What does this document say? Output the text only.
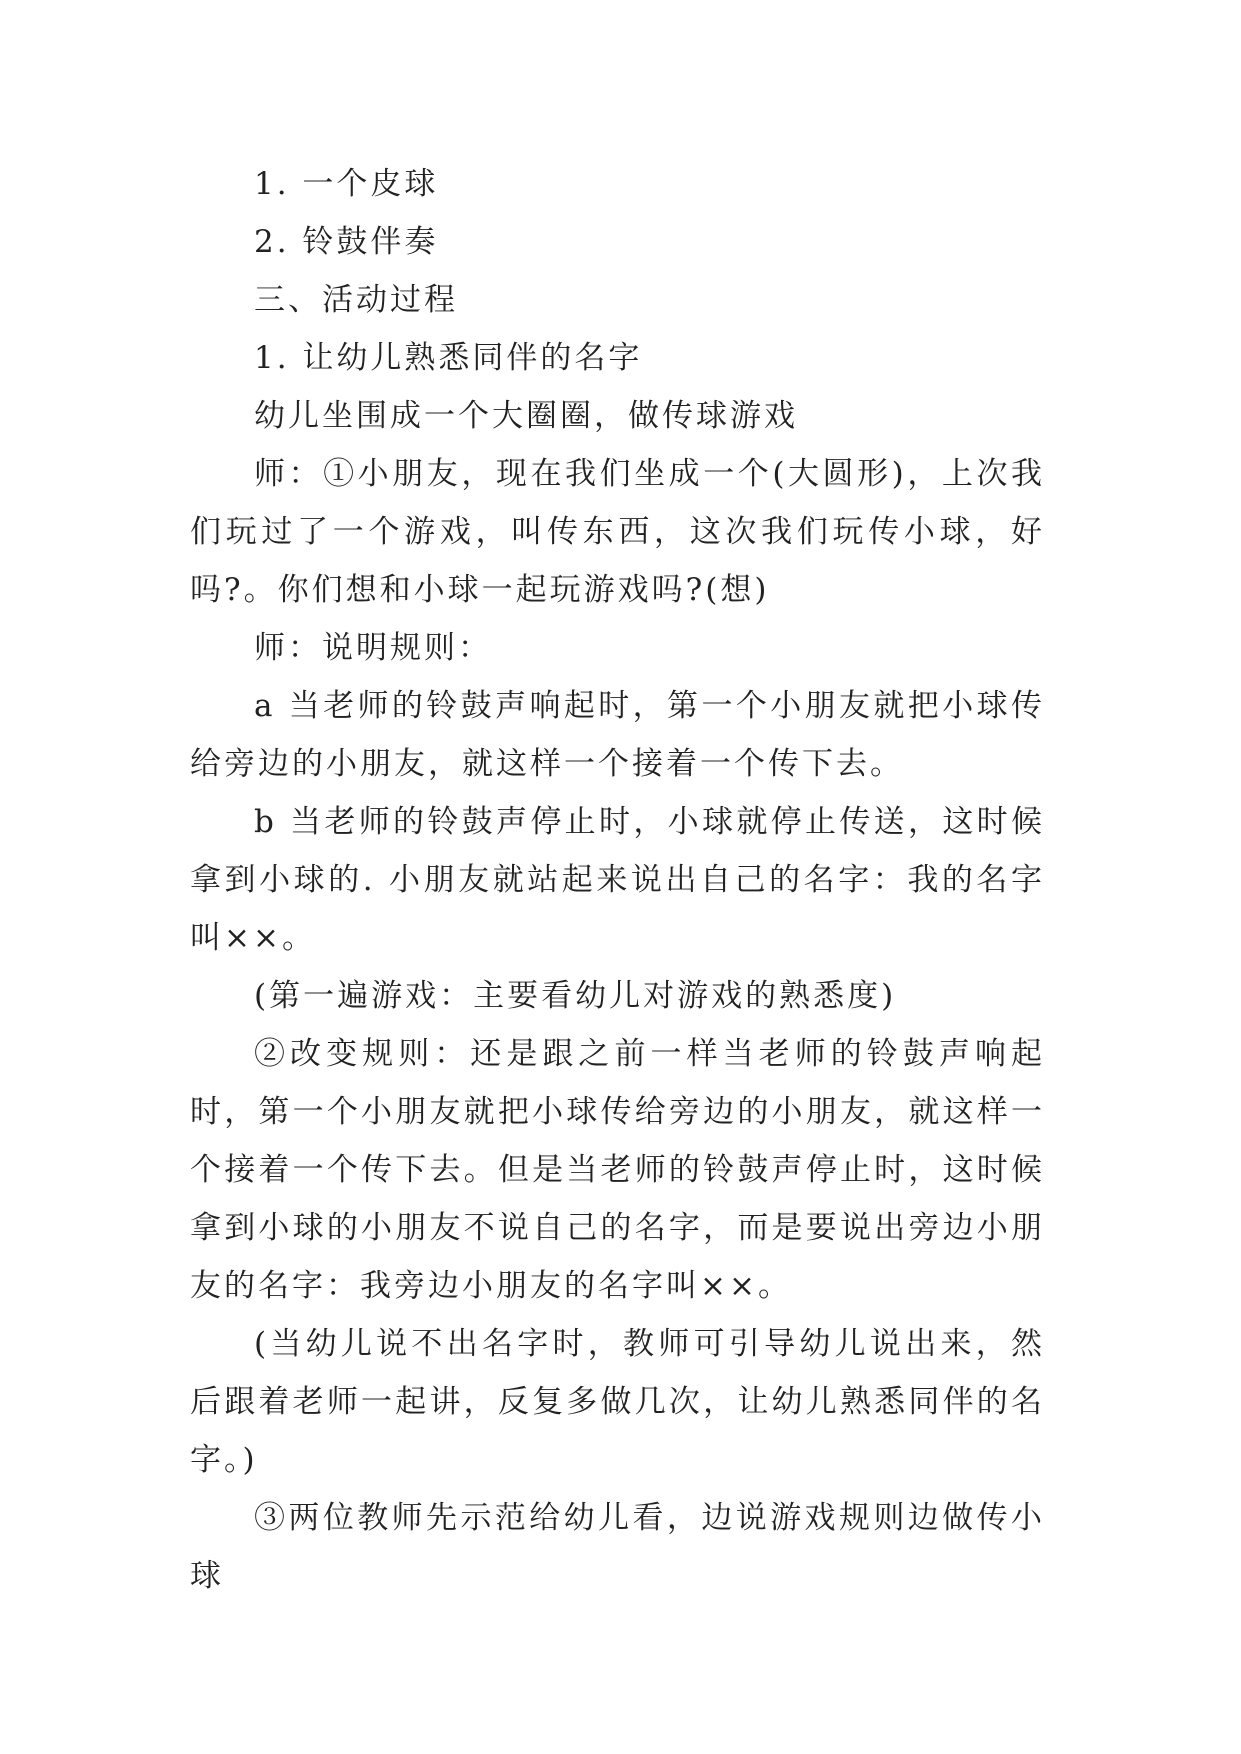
1. 一个皮球

2. 铃鼓伴奏

三、活动过程

1. 让幼儿熟悉同伴的名字

幼儿坐围成一个大圈圈，做传球游戏

师：①小朋友，现在我们坐成一个(大圆形)，上次我们玩过了一个游戏，叫传东西，这次我们玩传小球，好吗?。你们想和小球一起玩游戏吗?(想)

师：说明规则：

a 当老师的铃鼓声响起时，第一个小朋友就把小球传给旁边的小朋友，就这样一个接着一个传下去。

b 当老师的铃鼓声停止时，小球就停止传送，这时候拿到小球的. 小朋友就站起来说出自己的名字：我的名字叫××。

(第一遍游戏：主要看幼儿对游戏的熟悉度)

②改变规则：还是跟之前一样当老师的铃鼓声响起时，第一个小朋友就把小球传给旁边的小朋友，就这样一个接着一个传下去。但是当老师的铃鼓声停止时，这时候拿到小球的小朋友不说自己的名字，而是要说出旁边小朋友的名字：我旁边小朋友的名字叫××。

(当幼儿说不出名字时，教师可引导幼儿说出来，然后跟着老师一起讲，反复多做几次，让幼儿熟悉同伴的名字。)

③两位教师先示范给幼儿看，边说游戏规则边做传小球
